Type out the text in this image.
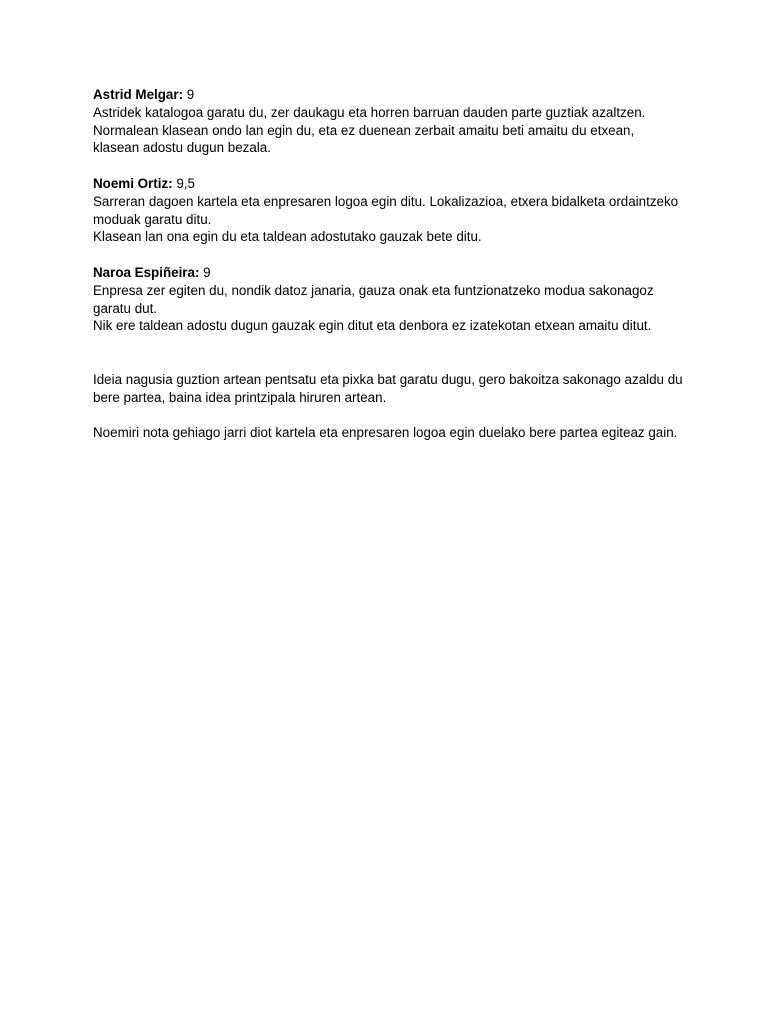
Astrid Melgar: 9
Astridek katalogoa garatu du, zer daukagu eta horren barruan dauden parte guztiak azaltzen.
Normalean klasean ondo lan egin du, eta ez duenean zerbait amaitu beti amaitu du etxean, klasean adostu dugun bezala.
Noemi Ortiz: 9,5
Sarreran dagoen kartela eta enpresaren logoa egin ditu. Lokalizazioa, etxera bidalketa ordaintzeko moduak garatu ditu.
Klasean lan ona egin du eta taldean adostutako gauzak bete ditu.
Naroa Espiñeira: 9
Enpresa zer egiten du, nondik datoz janaria, gauza onak eta funtzionatzeko modua sakonagoz garatu dut.
Nik ere taldean adostu dugun gauzak egin ditut eta denbora ez izatekotan etxean amaitu ditut.

Ideia nagusia guztion artean pentsatu eta pixka bat garatu dugu, gero bakoitza sakonago azaldu du bere partea, baina idea printzipala hiruren artean.

Noemiri nota gehiago jarri diot kartela eta enpresaren logoa egin duelako bere partea egiteaz gain.
